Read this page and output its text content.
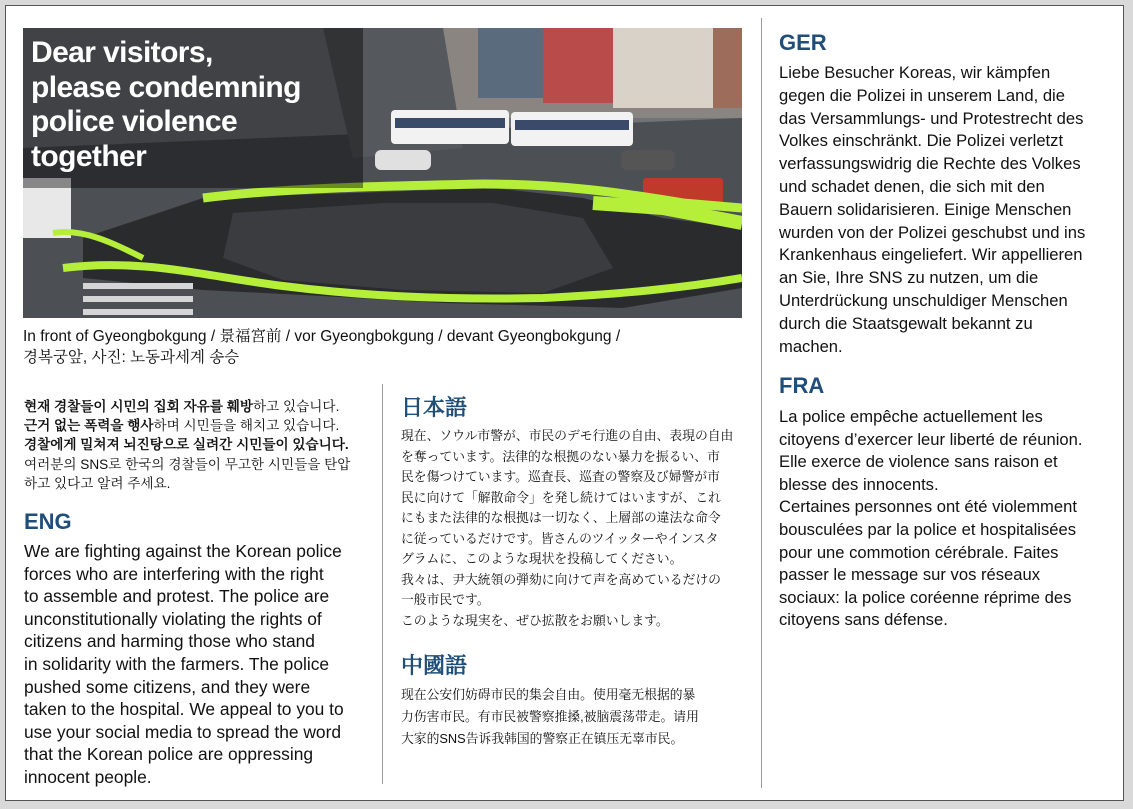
Dear visitors,
please condemning
police violence
together
In front of Gyeongbokgung / 景福宮前 / vor Gyeongbokgung / devant Gyeongbokgung /
경복궁앞, 사진: 노동과세계 송승
현재 경찰들이 시민의 집회 자유를 훼방하고 있습니다.
근거 없는 폭력을 행사하며 시민들을 해치고 있습니다.
경찰에게 밀쳐져 뇌진탕으로 실려간 시민들이 있습니다.
여러분의 SNS로 한국의 경찰들이 무고한 시민들을 탄압
하고 있다고 알려 주세요.
ENG
We are fighting against the Korean police
forces who are interfering with the right
to assemble and protest. The police are
unconstitutionally violating the rights of
citizens and harming those who stand
in solidarity with the farmers. The police
pushed some citizens, and they were
taken to the hospital. We appeal to you to
use your social media to spread the word
that the Korean police are oppressing
innocent people.
日本語
現在、ソウル市警が、市民のデモ行進の自由、表現の自由
を奪っています。法律的な根拠のない暴力を振るい、市
民を傷つけています。巡査長、巡査の警察及び婦警が市
民に向けて「解散命令」を発し続けてはいますが、これ
にもまた法律的な根拠は一切なく、上層部の違法な命令
に従っているだけです。皆さんのツイッターやインスタ
グラムに、このような現状を投稿してください。
我々は、尹大統領の弾劾に向けて声を高めているだけの
一般市民です。
このような現実を、ぜひ拡散をお願いします。
中國語
现在公安们妨碍市民的集会自由。使用毫无根据的暴
力伤害市民。有市民被警察推搡,被脑震荡带走。请用
大家的SNS告诉我韩国的警察正在镇压无辜市民。
GER
Liebe Besucher Koreas, wir kämpfen
gegen die Polizei in unserem Land, die
das Versammlungs- und Protestrecht des
Volkes einschränkt. Die Polizei verletzt
verfassungswidrig die Rechte des Volkes
und schadet denen, die sich mit den
Bauern solidarisieren. Einige Menschen
wurden von der Polizei geschubst und ins
Krankenhaus eingeliefert. Wir appellieren
an Sie, Ihre SNS zu nutzen, um die
Unterdrückung unschuldiger Menschen
durch die Staatsgewalt bekannt zu
machen.
FRA
La police empêche actuellement les
citoyens d’exercer leur liberté de réunion.
Elle exerce de violence sans raison et
blesse des innocents.
Certaines personnes ont été violemment
bousculées par la police et hospitalisées
pour une commotion cérébrale. Faites
passer le message sur vos réseaux
sociaux: la police coréenne réprime des
citoyens sans défense.
